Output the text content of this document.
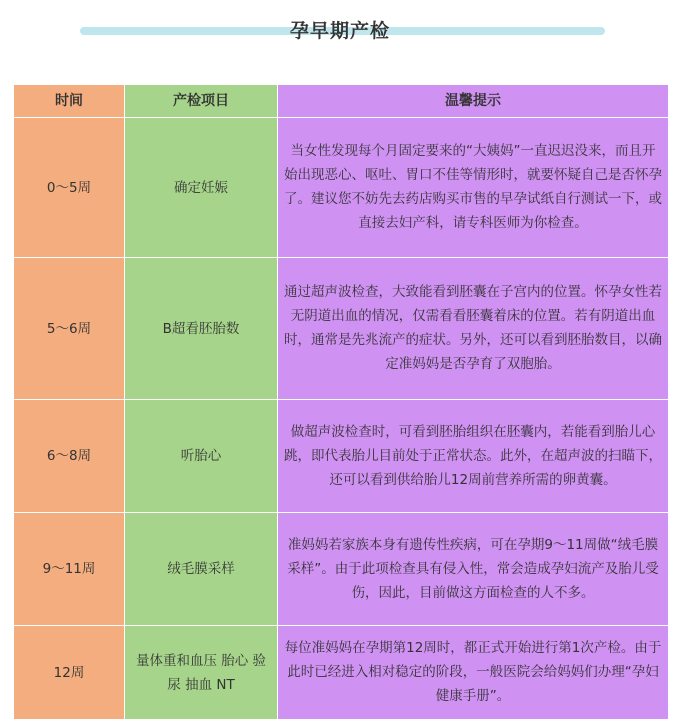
孕早期产检
时间	产检项目	温馨提示
0～5周	确定妊娠	当女性发现每个月固定要来的“大姨妈”一直迟迟没来，而且开始出现恶心、呕吐、胃口不佳等情形时，就要怀疑自己是否怀孕了。建议您不妨先去药店购买市售的早孕试纸自行测试一下，或直接去妇产科，请专科医师为你检查。
5～6周	B超看胚胎数	通过超声波检查，大致能看到胚囊在子宫内的位置。怀孕女性若无阴道出血的情况，仅需看看胚囊着床的位置。若有阴道出血时，通常是先兆流产的症状。另外，还可以看到胚胎数目，以确定准妈妈是否孕育了双胞胎。
6～8周	听胎心	做超声波检查时，可看到胚胎组织在胚囊内，若能看到胎儿心跳，即代表胎儿目前处于正常状态。此外，在超声波的扫瞄下，还可以看到供给胎儿12周前营养所需的卵黄囊。
9～11周	绒毛膜采样	准妈妈若家族本身有遗传性疾病，可在孕期9～11周做“绒毛膜采样”。由于此项检查具有侵入性，常会造成孕妇流产及胎儿受伤，因此，目前做这方面检查的人不多。
12周	量体重和血压 胎心 验尿 抽血 NT	每位准妈妈在孕期第12周时，都正式开始进行第1次产检。由于此时已经进入相对稳定的阶段，一般医院会给妈妈们办理“孕妇健康手册”。
